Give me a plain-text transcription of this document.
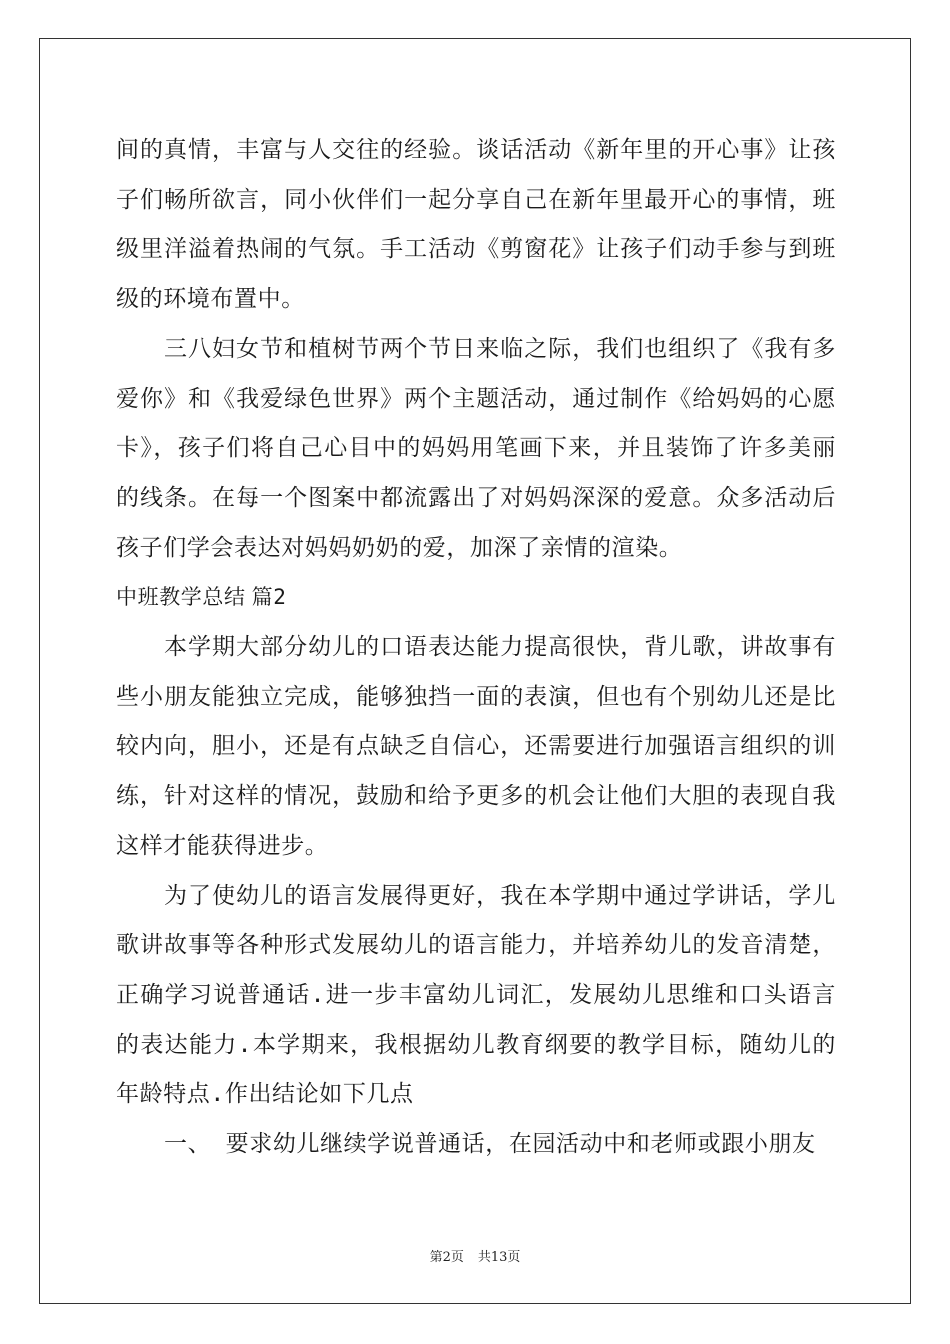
间的真情，丰富与人交往的经验。谈话活动《新年里的开心事》让孩子们畅所欲言，同小伙伴们一起分享自己在新年里最开心的事情，班级里洋溢着热闹的气氛。手工活动《剪窗花》让孩子们动手参与到班级的环境布置中。

三八妇女节和植树节两个节日来临之际，我们也组织了《我有多爱你》和《我爱绿色世界》两个主题活动，通过制作《给妈妈的心愿卡》，孩子们将自己心目中的妈妈用笔画下来，并且装饰了许多美丽的线条。在每一个图案中都流露出了对妈妈深深的爱意。众多活动后孩子们学会表达对妈妈奶奶的爱，加深了亲情的渲染。

中班教学总结 篇2

本学期大部分幼儿的口语表达能力提高很快，背儿歌，讲故事有些小朋友能独立完成，能够独挡一面的表演，但也有个别幼儿还是比较内向，胆小，还是有点缺乏自信心，还需要进行加强语言组织的训练，针对这样的情况，鼓励和给予更多的机会让他们大胆的表现自我这样才能获得进步。

为了使幼儿的语言发展得更好，我在本学期中通过学讲话，学儿歌讲故事等各种形式发展幼儿的语言能力，并培养幼儿的发音清楚，正确学习说普通话.进一步丰富幼儿词汇，发展幼儿思维和口头语言的表达能力.本学期来，我根据幼儿教育纲要的教学目标，随幼儿的年龄特点.作出结论如下几点

一、 要求幼儿继续学说普通话，在园活动中和老师或跟小朋友

第2页 共13页
